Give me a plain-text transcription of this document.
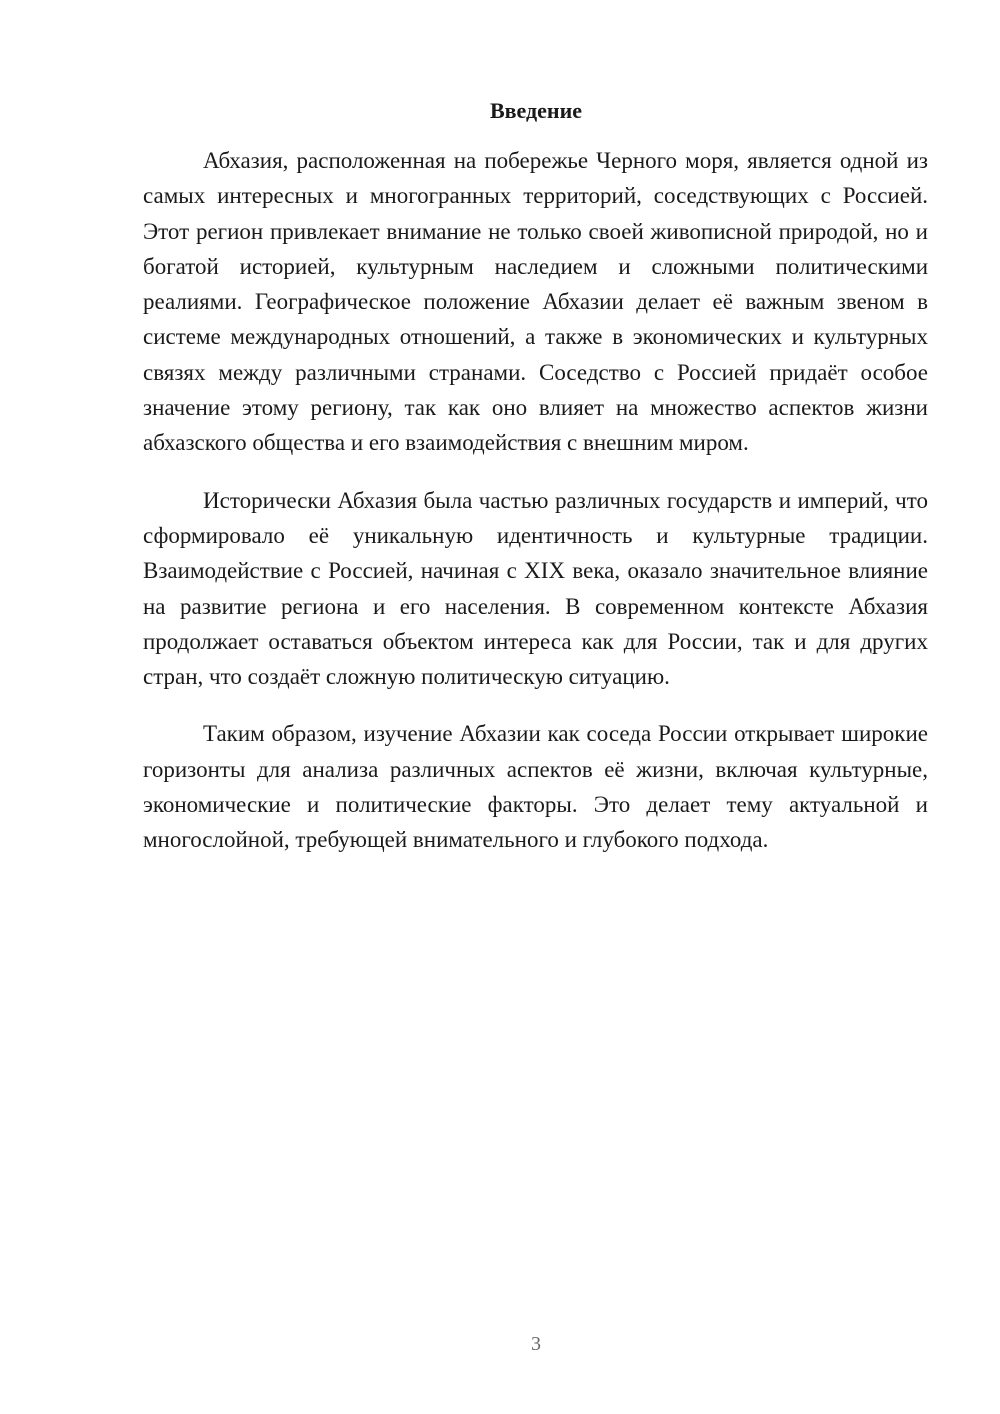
Введение

Абхазия, расположенная на побережье Черного моря, является одной из самых интересных и многогранных территорий, соседствующих с Россией. Этот регион привлекает внимание не только своей живописной природой, но и богатой историей, культурным наследием и сложными политическими реалиями. Географическое положение Абхазии делает её важным звеном в системе международных отношений, а также в экономических и культурных связях между различными странами. Соседство с Россией придаёт особое значение этому региону, так как оно влияет на множество аспектов жизни абхазского общества и его взаимодействия с внешним миром.

Исторически Абхазия была частью различных государств и империй, что сформировало её уникальную идентичность и культурные традиции. Взаимодействие с Россией, начиная с XIX века, оказало значительное влияние на развитие региона и его населения. В современном контексте Абхазия продолжает оставаться объектом интереса как для России, так и для других стран, что создаёт сложную политическую ситуацию.

Таким образом, изучение Абхазии как соседа России открывает широкие горизонты для анализа различных аспектов её жизни, включая культурные, экономические и политические факторы. Это делает тему актуальной и многослойной, требующей внимательного и глубокого подхода.

3
